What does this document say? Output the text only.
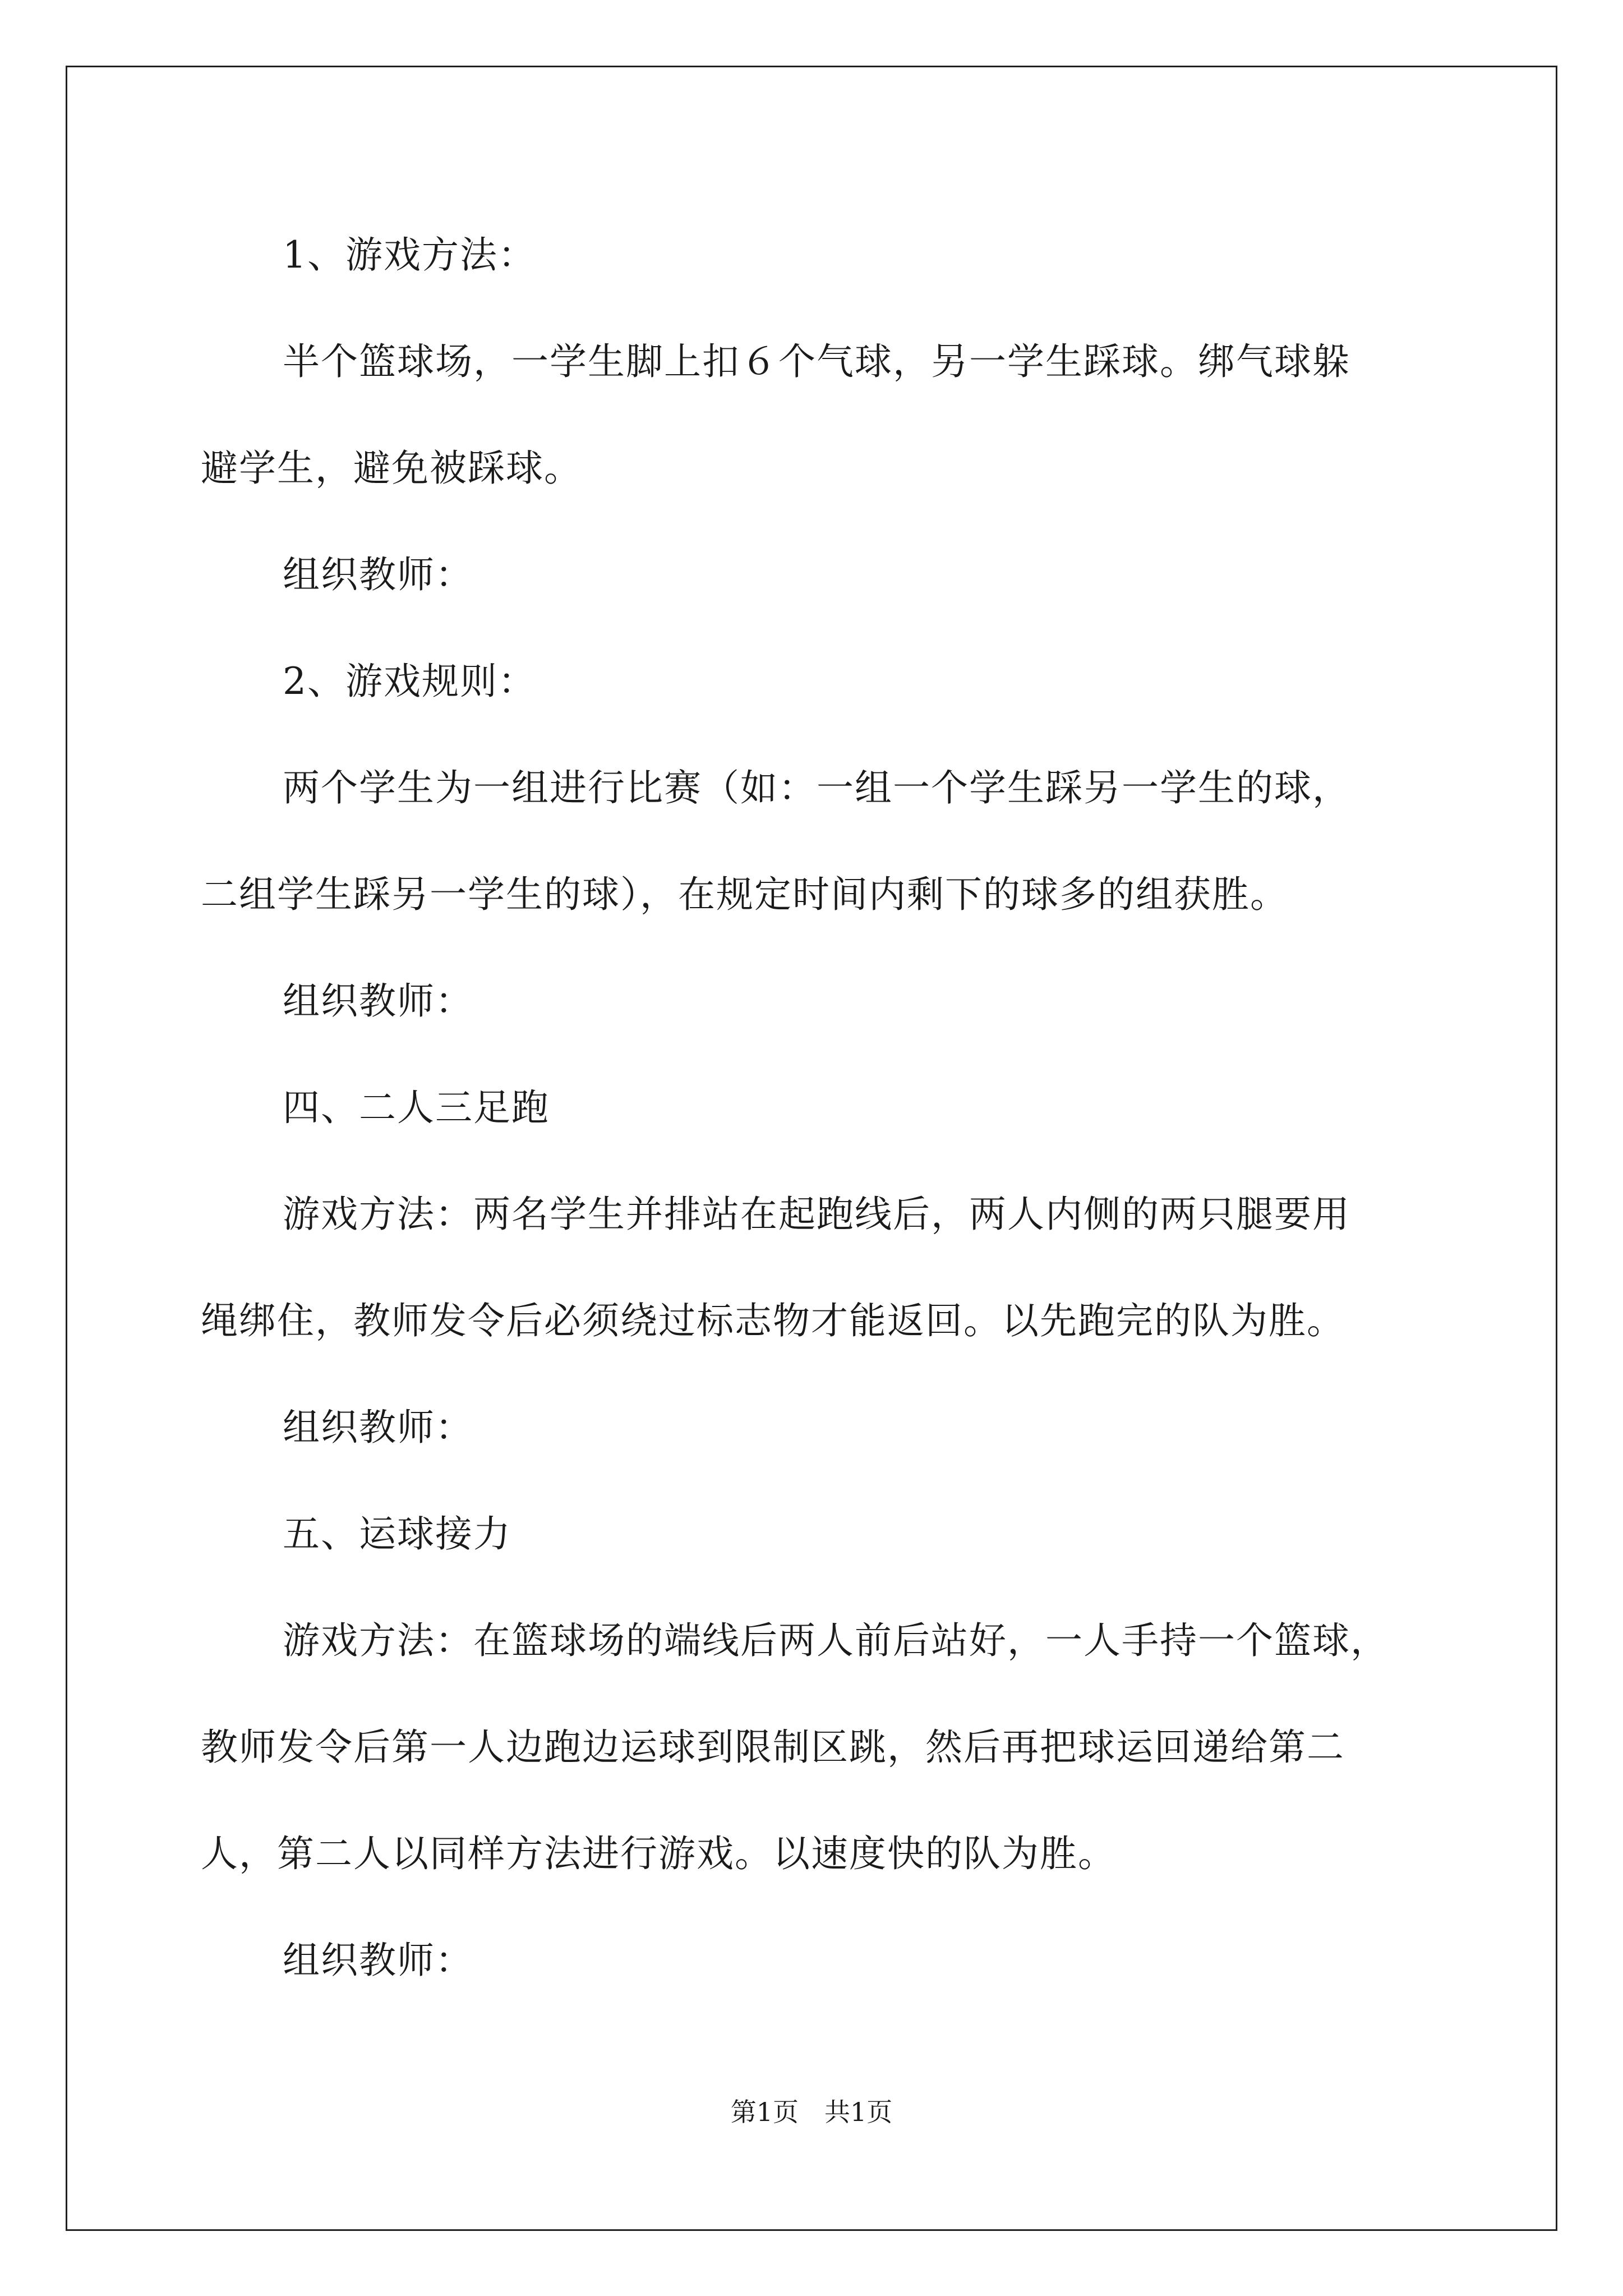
1、游戏方法：

半个篮球场，一学生脚上扣６个气球，另一学生踩球。绑气球躲

避学生，避免被踩球。

组织教师：

2、游戏规则：

两个学生为一组进行比赛（如：一组一个学生踩另一学生的球，

二组学生踩另一学生的球），在规定时间内剩下的球多的组获胜。

组织教师：

四、二人三足跑

游戏方法：两名学生并排站在起跑线后，两人内侧的两只腿要用

绳绑住，教师发令后必须绕过标志物才能返回。以先跑完的队为胜。

组织教师：

五、运球接力

游戏方法：在篮球场的端线后两人前后站好，一人手持一个篮球，

教师发令后第一人边跑边运球到限制区跳，然后再把球运回递给第二

人，第二人以同样方法进行游戏。以速度快的队为胜。

组织教师：

第1页　共1页
